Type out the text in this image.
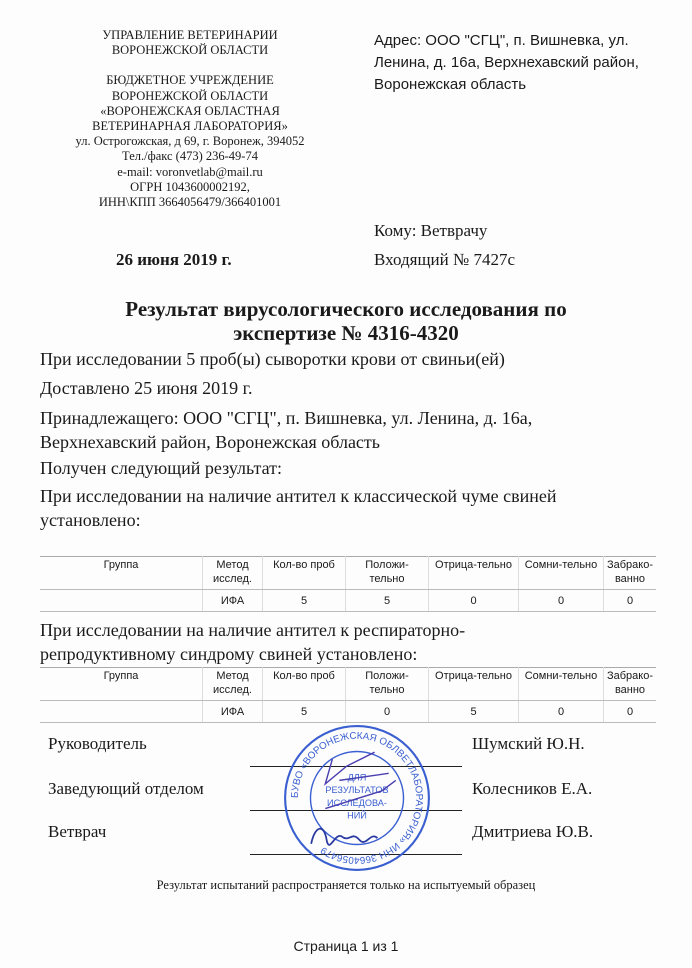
УПРАВЛЕНИЕ ВЕТЕРИНАРИИ
ВОРОНЕЖСКОЙ ОБЛАСТИ
БЮДЖЕТНОЕ УЧРЕЖДЕНИЕ
ВОРОНЕЖСКОЙ ОБЛАСТИ
«ВОРОНЕЖСКАЯ ОБЛАСТНАЯ
ВЕТЕРИНАРНАЯ ЛАБОРАТОРИЯ»
ул. Острогожская, д 69, г. Воронеж, 394052
Тел./факс (473) 236-49-74
e-mail: voronvetlab@mail.ru
ОГРН 1043600002192,
ИНН\КПП 3664056479/366401001
Адрес: ООО "СГЦ", п. Вишневка, ул. Ленина, д. 16а, Верхнехавский район, Воронежская область
Кому: Ветврачу
Входящий № 7427с
26 июня 2019 г.
Результат вирусологического исследования по
экспертизе № 4316-4320
При исследовании 5 проб(ы) сыворотки крови от свиньи(ей)
Доставлено 25 июня 2019 г.
Принадлежащего: ООО "СГЦ", п. Вишневка, ул. Ленина, д. 16а,
Верхнехавский район, Воронежская область
Получен следующий результат:
При исследовании на наличие антител к классической чуме свиней
установлено:
Группа	Метод исслед.	Кол-во проб	Положи-тельно	Отрица-тельно	Сомни-тельно	Забрако-ванно
	ИФА	5	5	0	0	0
При исследовании на наличие антител к респираторно-
репродуктивному синдрому свиней установлено:
Группа	Метод исслед.	Кол-во проб	Положи-тельно	Отрица-тельно	Сомни-тельно	Забрако-ванно
	ИФА	5	0	5	0	0
Руководитель	Шумский Ю.Н.
Заведующий отделом	Колесников Е.А.
Ветврач	Дмитриева Ю.В.
БУВО «ВОРОНЕЖСКАЯ ОБЛВЕТЛАБОРАТОРИЯ» ИНН 3664056479
ДЛЯ
РЕЗУЛЬТАТОВ
ИССЛЕДОВА-
НИЙ
Результат испытаний распространяется только на испытуемый образец
Страница 1 из 1
